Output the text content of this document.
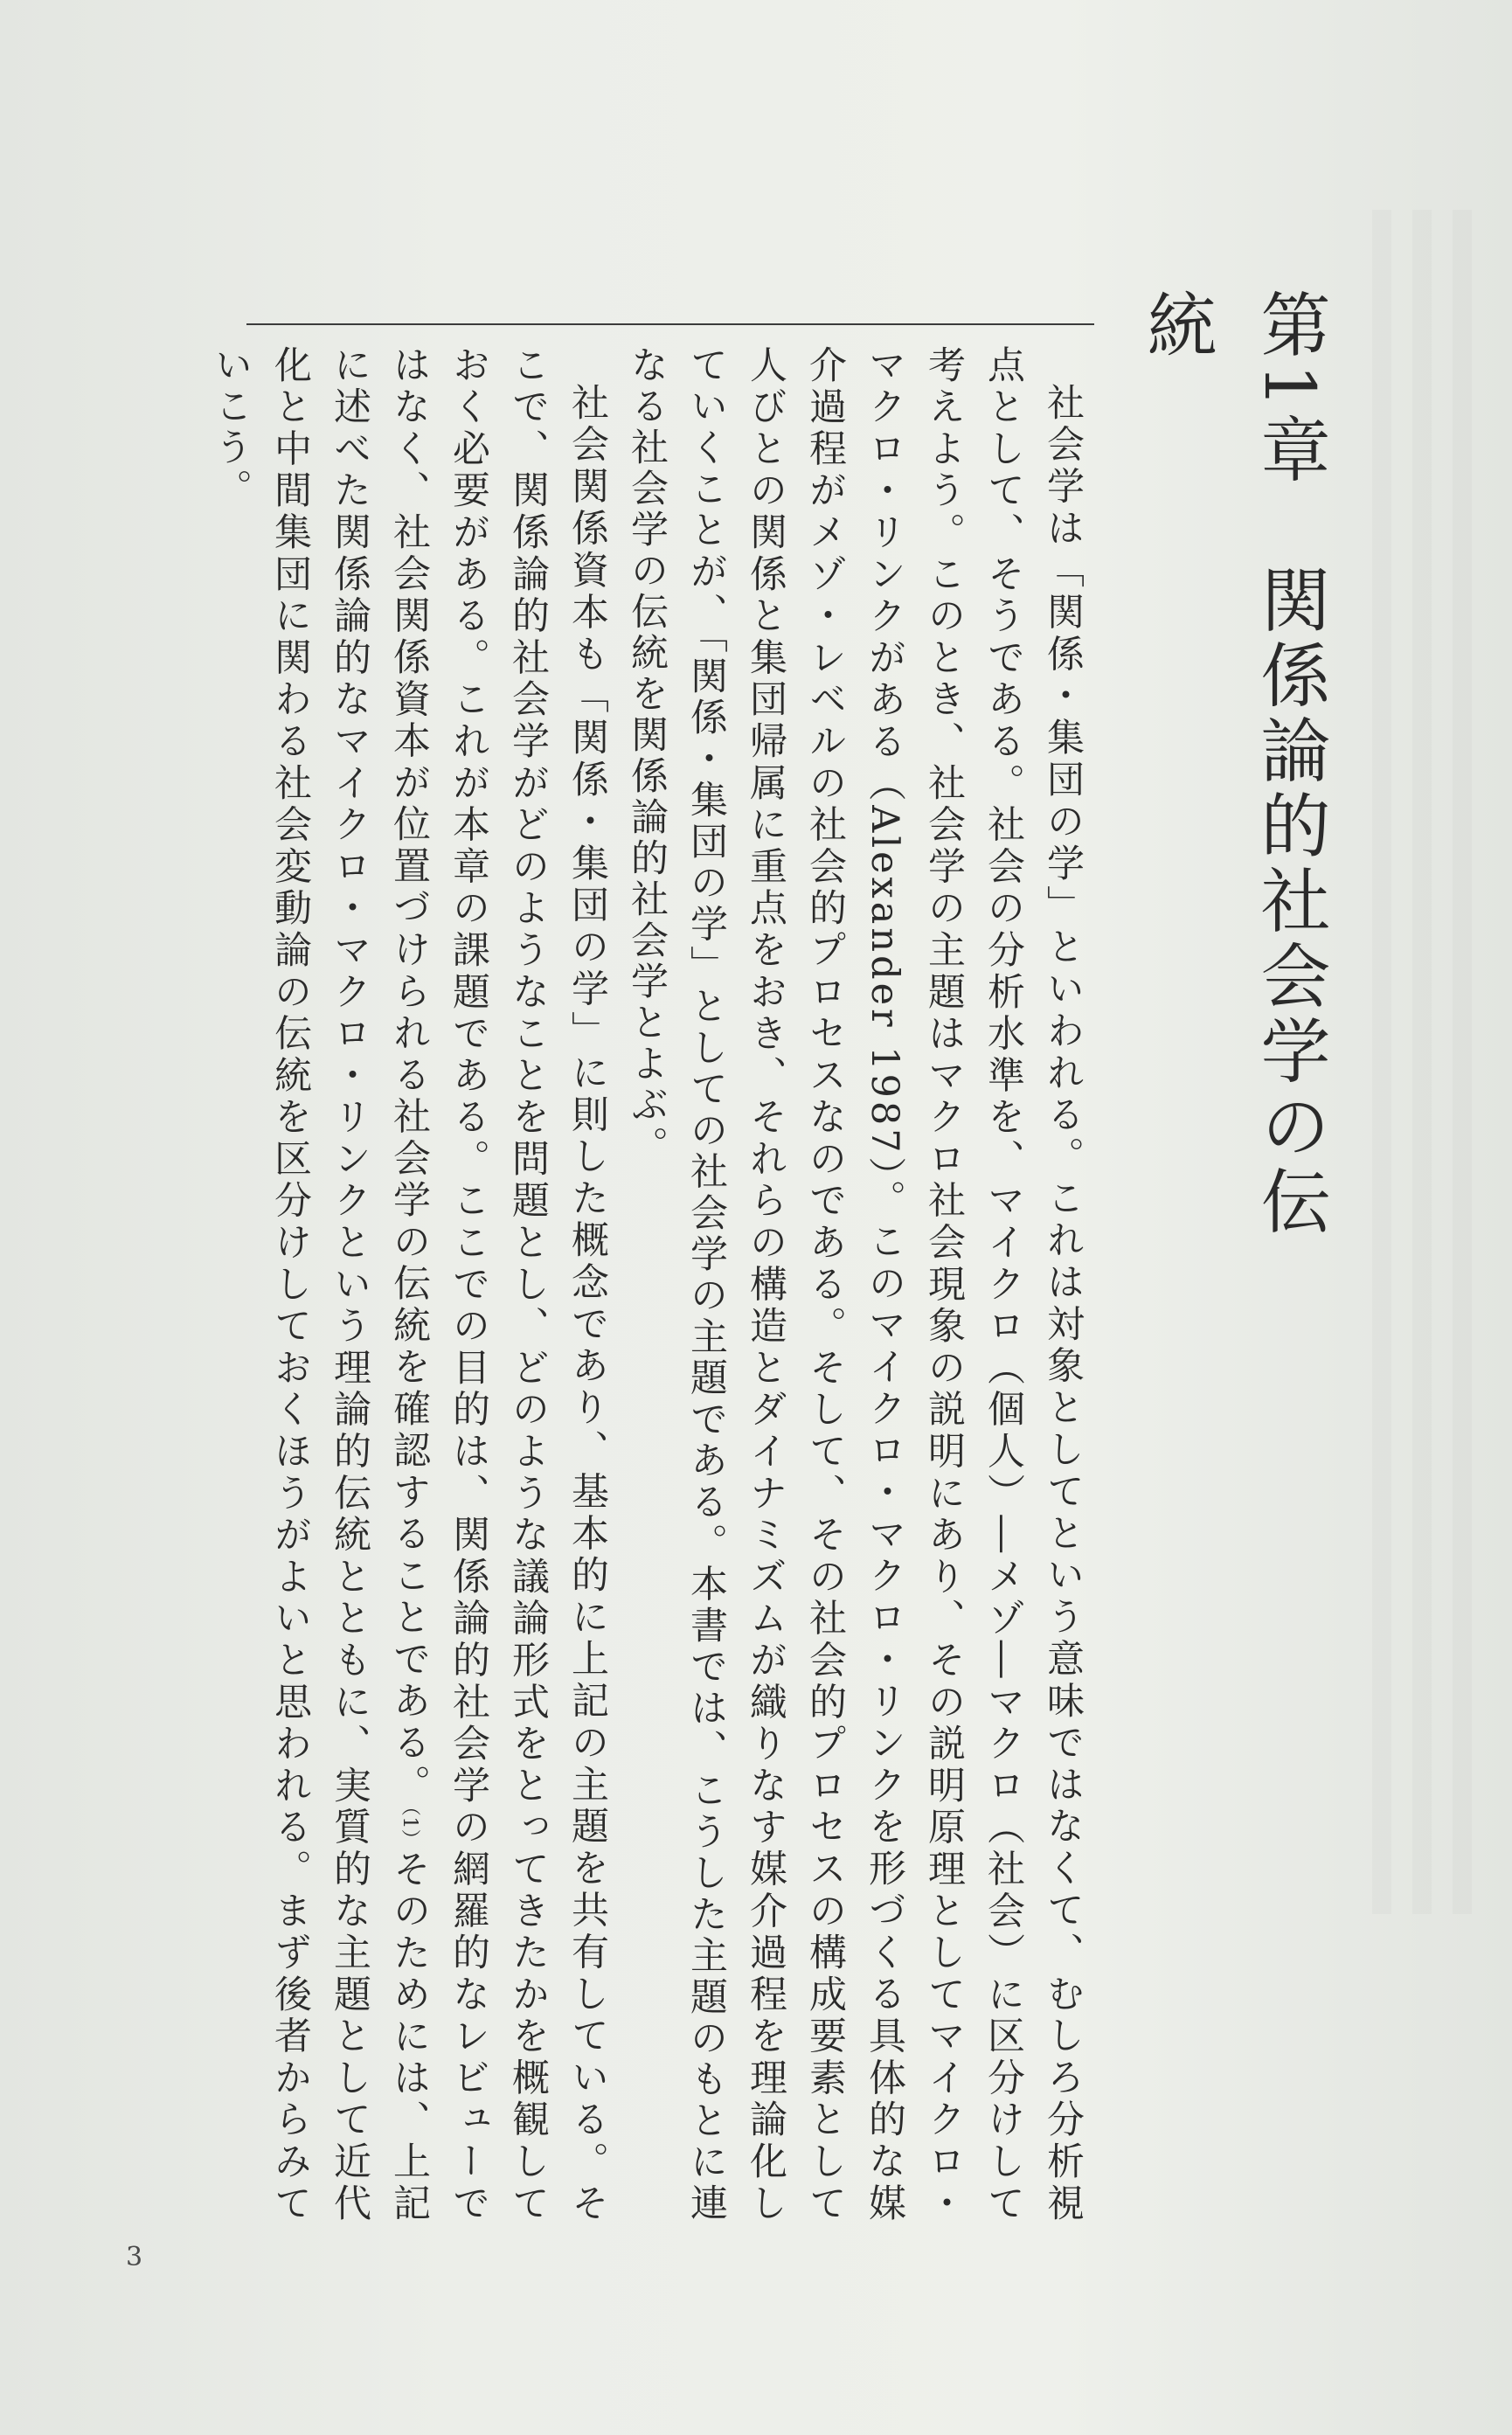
第1章　関係論的社会学の伝統

社会学は「関係・集団の学」といわれる。これは対象としてという意味ではなくて、むしろ分析視点として、そうである。社会の分析水準を、マイクロ（個人）―メゾ―マクロ（社会）に区分けして考えよう。このとき、社会学の主題はマクロ社会現象の説明にあり、その説明原理としてマイクロ・マクロ・リンクがある（Alexander 1987）。このマイクロ・マクロ・リンクを形づくる具体的な媒介過程がメゾ・レベルの社会的プロセスなのである。そして、その社会的プロセスの構成要素として人びとの関係と集団帰属に重点をおき、それらの構造とダイナミズムが織りなす媒介過程を理論化していくことが、「関係・集団の学」としての社会学の主題である。本書では、こうした主題のもとに連なる社会学の伝統を関係論的社会学とよぶ。

社会関係資本も「関係・集団の学」に則した概念であり、基本的に上記の主題を共有している。そこで、関係論的社会学がどのようなことを問題とし、どのような議論形式をとってきたかを概観しておく必要がある。これが本章の課題である。ここでの目的は、関係論的社会学の網羅的なレビューではなく、社会関係資本が位置づけられる社会学の伝統を確認することである。（1）そのためには、上記に述べた関係論的なマイクロ・マクロ・リンクという理論的伝統とともに、実質的な主題として近代化と中間集団に関わる社会変動論の伝統を区分けしておくほうがよいと思われる。まず後者からみていこう。

3
